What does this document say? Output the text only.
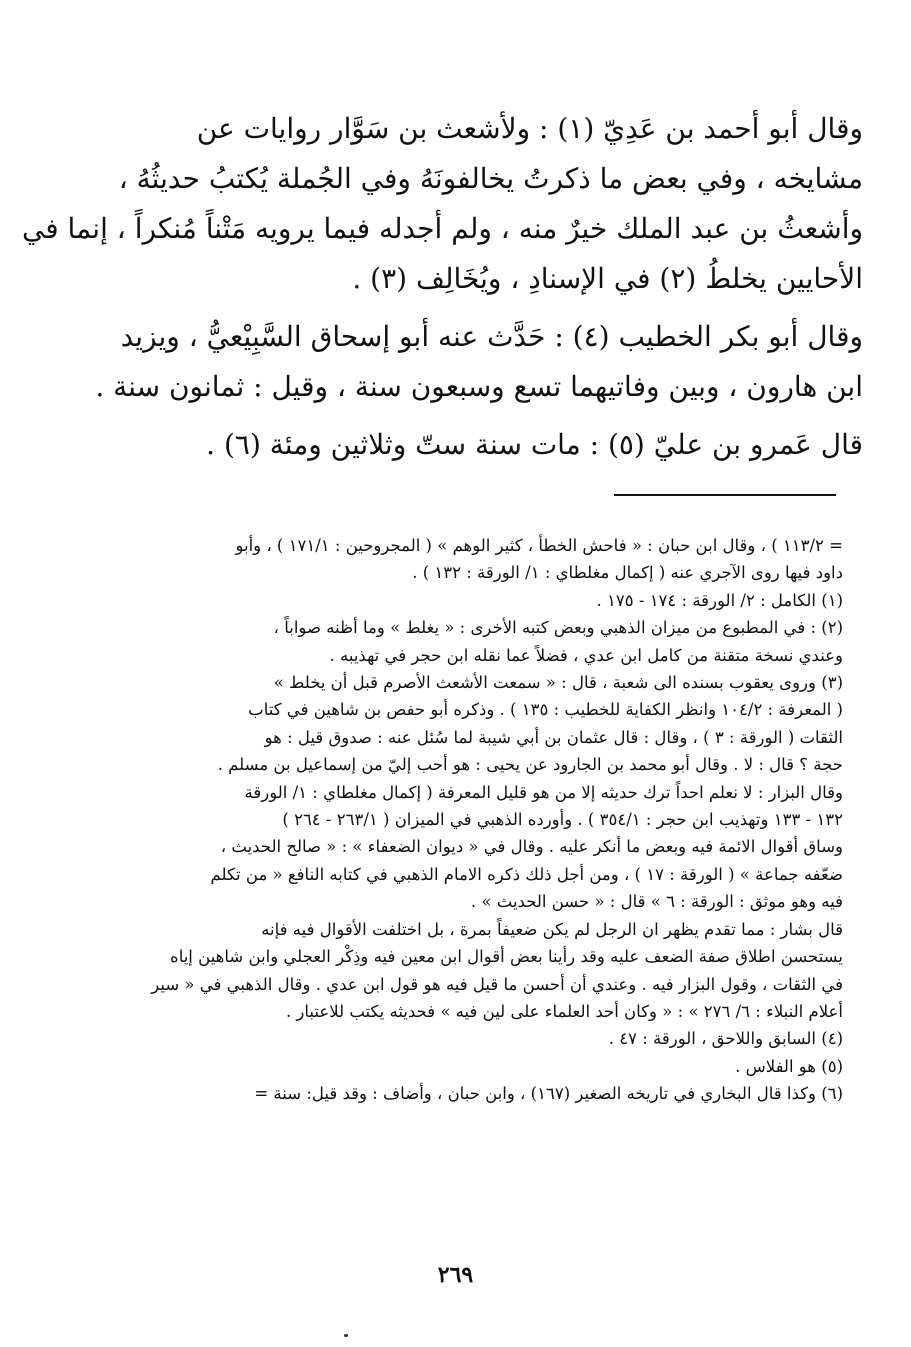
وقال أبو أحمد بن عَدِيّ (١) : ولأشعث بن سَوَّار روايات عن
مشايخه ، وفي بعض ما ذكرتُ يخالفونَهُ وفي الجُملة يُكتبُ حديثُهُ ،
وأشعثُ بن عبد الملك خيرٌ منه ، ولم أجدله فيما يرويه مَتْناً مُنكراً ، إنما في
الأحايين يخلطُ (٢) في الإسنادِ ، ويُخَالِف (٣) .

وقال أبو بكر الخطيب (٤) : حَدَّث عنه أبو إسحاق السَّبِيْعيُّ ، ويزيد
ابن هارون ، وبين وفاتيهما تسع وسبعون سنة ، وقيل : ثمانون سنة .

قال عَمرو بن عليّ (٥) : مات سنة ستّ وثلاثين ومئة (٦) .

= ١١٣/٢ ) ، وقال ابن حبان : « فاحش الخطأ ، كثير الوهم » ( المجروحين : ١٧١/١ ) ، وأبو
داود فيها روى الآجري عنه ( إكمال مغلطاي : ١/ الورقة : ١٣٢ ) .
(١) الكامل : ٢/ الورقة : ١٧٤ - ١٧٥ .
(٢) : في المطبوع من ميزان الذهبي وبعض كتبه الأخرى : « يغلط » وما أظنه صواباً ،
وعندي نسخة متقنة من كامل ابن عدي ، فضلاً عما نقله ابن حجر في تهذيبه .
(٣) وروى يعقوب بسنده الى شعبة ، قال : « سمعت الأشعث الأصرم قبل أن يخلط »
( المعرفة : ١٠٤/٢ وانظر الكفاية للخطيب : ١٣٥ ) . وذكره أبو حفص بن شاهين في كتاب
الثقات ( الورقة : ٣ ) ، وقال : قال عثمان بن أبي شيبة لما سُئل عنه : صدوق قيل : هو
حجة ؟ قال : لا . وقال أبو محمد بن الجارود عن يحيى : هو أحب إليّ من إسماعيل بن مسلم .
وقال البزار : لا نعلم احداً ترك حديثه إلا من هو قليل المعرفة ( إكمال مغلطاي : ١/ الورقة
١٣٢ - ١٣٣ وتهذيب ابن حجر : ٣٥٤/١ ) . وأورده الذهبي في الميزان ( ٢٦٣/١ - ٢٦٤ )
وساق أقوال الائمة فيه وبعض ما أنكر عليه . وقال في « ديوان الضعفاء » : « صالح الحديث ،
ضعّفه جماعة » ( الورقة : ١٧ ) ، ومن أجل ذلك ذكره الامام الذهبي في كتابه النافع « من تكلم
فيه وهو موثق : الورقة : ٦ » قال : « حسن الحديث » .
قال بشار : مما تقدم يظهر ان الرجل لم يكن ضعيفاً بمرة ، بل اختلفت الأقوال فيه فإنه
يستحسن اطلاق صفة الضعف عليه وقد رأينا بعض أقوال ابن معين فيه وذِكْر العجلي وابن شاهين إياه
في الثقات ، وقول البزار فيه . وعندي أن أحسن ما قيل فيه هو قول ابن عدي . وقال الذهبي في « سير
أعلام النبلاء : ٦/ ٢٧٦ » : « وكان أحد العلماء على لين فيه » فحديثه يكتب للاعتبار .
(٤) السابق واللاحق ، الورقة : ٤٧ .
(٥) هو الفلاس .
(٦) وكذا قال البخاري في تاريخه الصغير (١٦٧) ، وابن حبان ، وأضاف : وقد قيل: سنة =
٢٦٩
